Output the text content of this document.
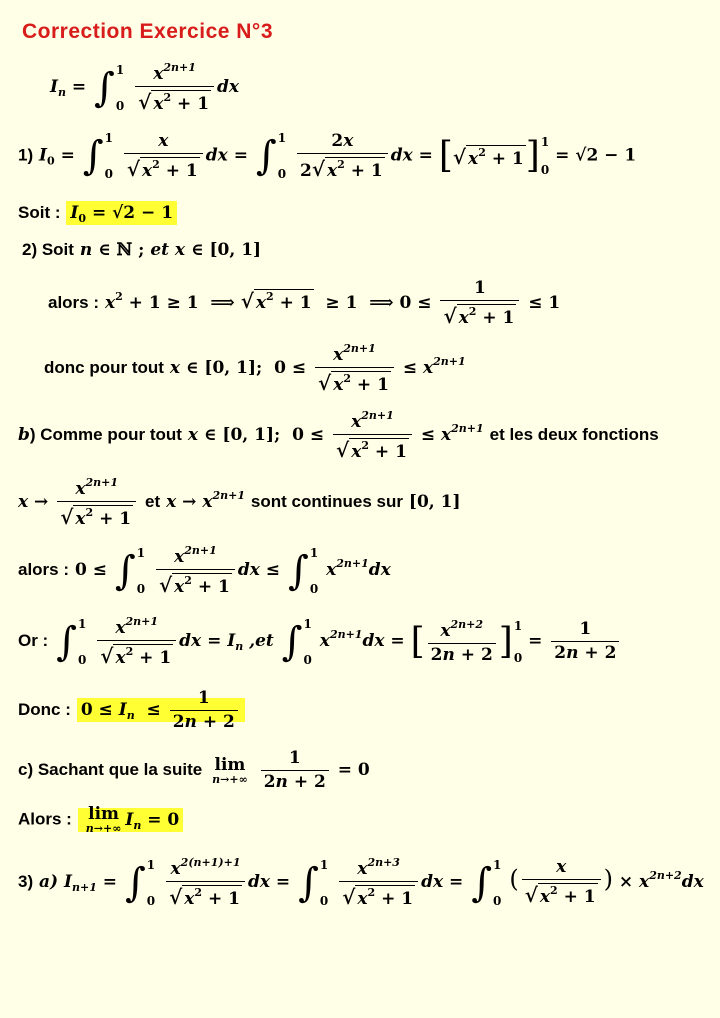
Correction Exercice N°3
$I_n$ = ∫ 1
0
$\frac{x^{2n+1}}{√ x^2 + 1}$ dx
1) $I_0$ = ∫ 1
0
$\frac{x}{√ x^2 + 1}$ dx = ∫ 1
0
$\frac{2x}{2√ x^2 + 1}$ dx = [ √ $x^2 + 1$ ] 1
0
= √2 − 1
Soit : $I_0 = √2 - 1$
2) Soit n ∈ ℕ ; et x ∈ [0, 1]
alors : $x^2 + 1 \ge 1$  ⟹ √ $x^2 + 1 \ge 1$  ⟹ $0 \le \frac{1}{√ x^2 + 1} \le 1$
donc pour tout x ∈ [0, 1];  $0 \le \frac{x^{2n+1}}{√ x^2 + 1} \le x^{2n+1}$
b) Comme pour tout x ∈ [0, 1];  $0 \le \frac{x^{2n+1}}{√ x^2 + 1} \le x^{2n+1}$ et les deux fonctions
$x \to \frac{x^{2n+1}}{√ x^2 + 1}$ et $x \to x^{2n+1}$ sont continues sur [0, 1]
alors : 0 ≤ ∫ 1
0
$\frac{x^{2n+1}}{√ x^2 + 1}$ dx ≤ ∫ 1
0
$x^{2n+1}dx$
Or : ∫ 1
0
$\frac{x^{2n+1}}{√ x^2 + 1}$ dx = $I_n$ ,et ∫ 1
0
$x^{2n+1}dx$ = [ $\frac{x^{2n+2}}{2n + 2}$ ] 1
0
= $\frac{1}{2n + 2}$
Donc : $0 \le I_n \le \frac{1}{2n + 2}$
c) Sachant que la suite lim
n→+∞
$\frac{1}{2n + 2} = 0$
Alors : lim
n→+∞ $I_n = 0$
3) a) $I_{n+1}$ = ∫ 1
0
$\frac{x^{2(n+1)+1}}{√ x^2 + 1}$ dx = ∫ 1
0
$\frac{x^{2n+3}}{√ x^2 + 1}$ dx = ∫ 1
0
( $\frac{x}{√ x^2 + 1}$ ) × $x^{2n+2}dx$
